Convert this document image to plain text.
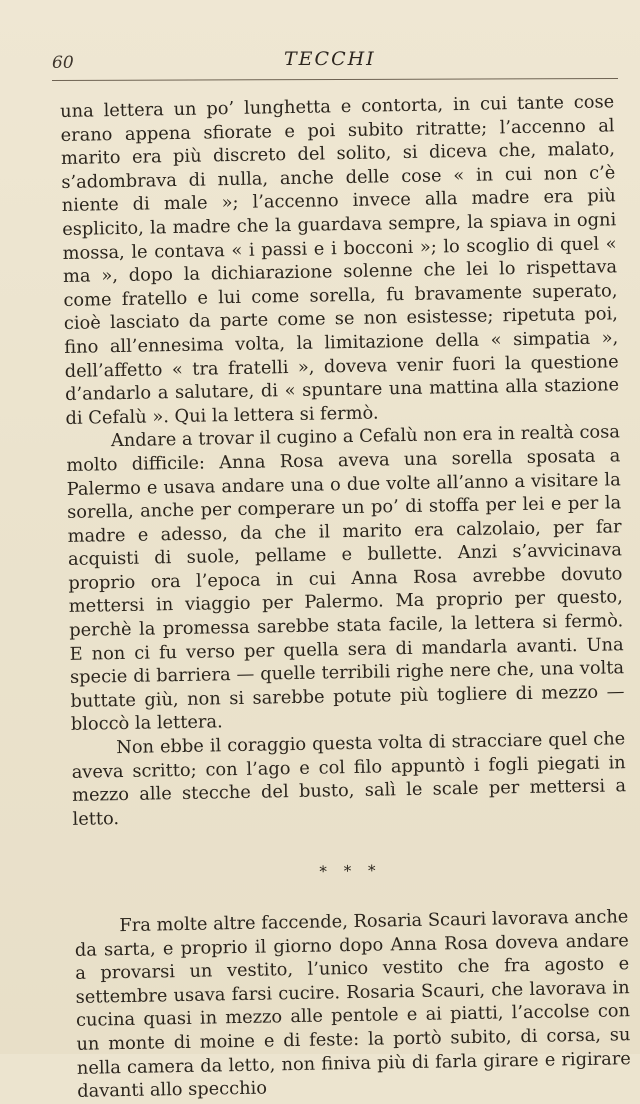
60	TECCHI

una lettera un po’ lunghetta e contorta, in cui tante cose erano appena sfiorate e poi subito ritratte; l’accenno al marito era più discreto del solito, si diceva che, malato, s’adombrava di nulla, anche delle cose « in cui non c’è niente di male »; l’accenno invece alla madre era più esplicito, la madre che la guardava sempre, la spiava in ogni mossa, le contava « i passi e i bocconi »; lo scoglio di quel « ma », dopo la dichiarazione solenne che lei lo rispettava come fratello e lui come sorella, fu bravamente superato, cioè lasciato da parte come se non esistesse; ripetuta poi, fino all’ennesima volta, la limitazione della « simpatia », dell’affetto « tra fratelli », doveva venir fuori la questione d’andarlo a salutare, di « spuntare una mattina alla stazione di Cefalù ». Qui la lettera si fermò.

Andare a trovar il cugino a Cefalù non era in realtà cosa molto difficile: Anna Rosa aveva una sorella sposata a Palermo e usava andare una o due volte all’anno a visitare la sorella, anche per comperare un po’ di stoffa per lei e per la madre e adesso, da che il marito era calzolaio, per far acquisti di suole, pellame e bullette. Anzi s’avvicinava proprio ora l’epoca in cui Anna Rosa avrebbe dovuto mettersi in viaggio per Palermo. Ma proprio per questo, perchè la promessa sarebbe stata facile, la lettera si fermò. E non ci fu verso per quella sera di mandarla avanti. Una specie di barriera — quelle terribili righe nere che, una volta buttate giù, non si sarebbe potute più togliere di mezzo — bloccò la lettera.

Non ebbe il coraggio questa volta di stracciare quel che aveva scritto; con l’ago e col filo appuntò i fogli piegati in mezzo alle stecche del busto, salì le scale per mettersi a letto.

* * *

Fra molte altre faccende, Rosaria Scauri lavorava anche da sarta, e proprio il giorno dopo Anna Rosa doveva andare a provarsi un vestito, l’unico vestito che fra agosto e settembre usava farsi cucire. Rosaria Scauri, che lavorava in cucina quasi in mezzo alle pentole e ai piatti, l’accolse con un monte di moine e di feste: la portò subito, di corsa, su nella camera da letto, non finiva più di farla girare e rigirare davanti allo specchio
